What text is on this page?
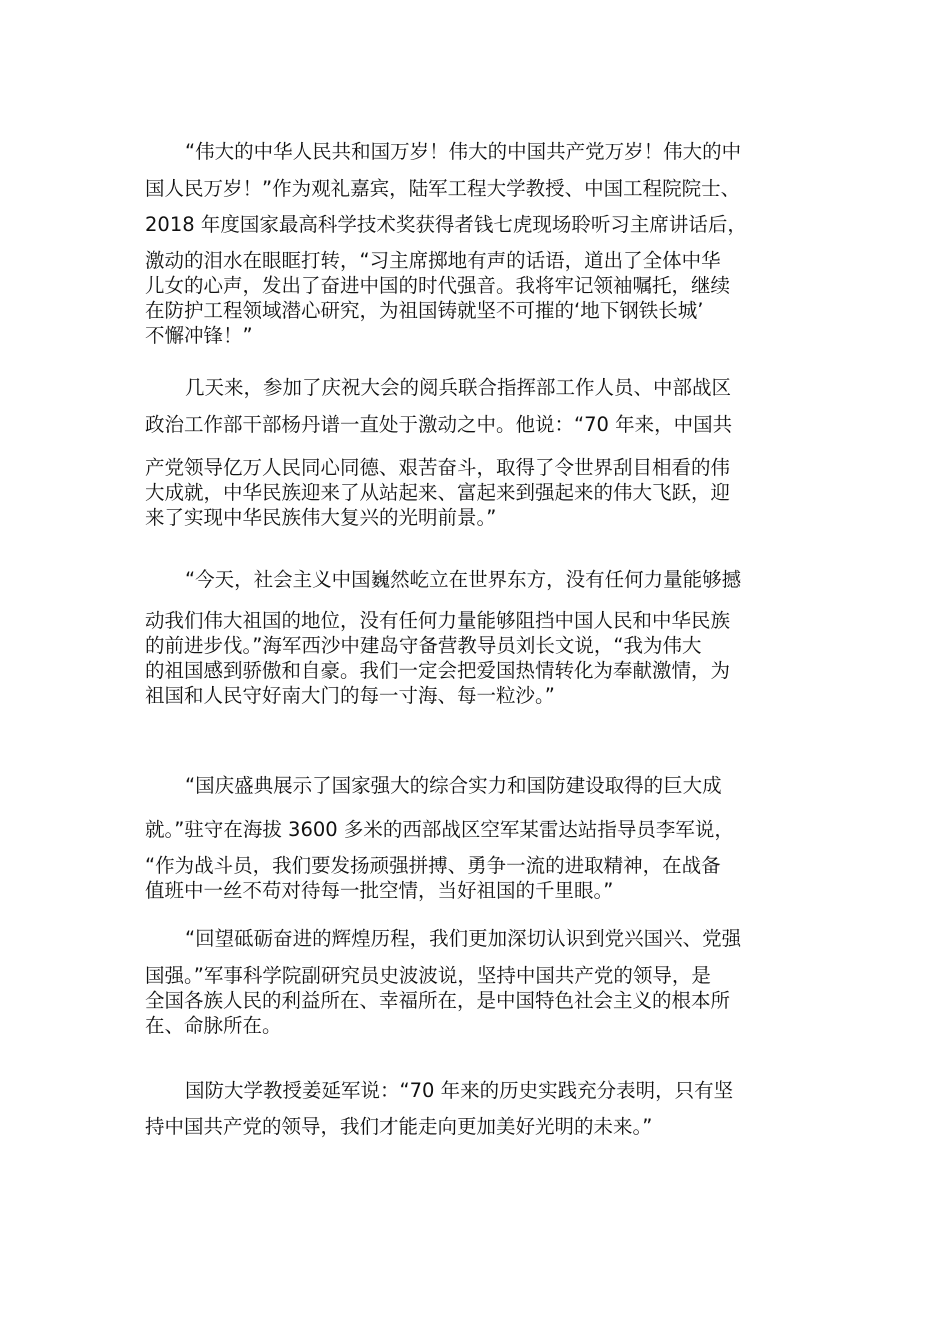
“伟大的中华人民共和国万岁！伟大的中国共产党万岁！伟大的中
国人民万岁！”作为观礼嘉宾，陆军工程大学教授、中国工程院院士、
2018 年度国家最高科学技术奖获得者钱七虎现场聆听习主席讲话后，
激动的泪水在眼眶打转，“习主席掷地有声的话语，道出了全体中华
儿女的心声，发出了奋进中国的时代强音。我将牢记领袖嘱托，继续
在防护工程领域潜心研究，为祖国铸就坚不可摧的‘地下钢铁长城’
不懈冲锋！”
几天来，参加了庆祝大会的阅兵联合指挥部工作人员、中部战区
政治工作部干部杨丹谱一直处于激动之中。他说：“70 年来，中国共
产党领导亿万人民同心同德、艰苦奋斗，取得了令世界刮目相看的伟
大成就，中华民族迎来了从站起来、富起来到强起来的伟大飞跃，迎
来了实现中华民族伟大复兴的光明前景。”
“今天，社会主义中国巍然屹立在世界东方，没有任何力量能够撼
动我们伟大祖国的地位，没有任何力量能够阻挡中国人民和中华民族
的前进步伐。”海军西沙中建岛守备营教导员刘长文说，“我为伟大
的祖国感到骄傲和自豪。我们一定会把爱国热情转化为奉献激情，为
祖国和人民守好南大门的每一寸海、每一粒沙。”
“国庆盛典展示了国家强大的综合实力和国防建设取得的巨大成
就。”驻守在海拔 3600 多米的西部战区空军某雷达站指导员李军说，
“作为战斗员，我们要发扬顽强拼搏、勇争一流的进取精神，在战备
值班中一丝不苟对待每一批空情，当好祖国的千里眼。”
“回望砥砺奋进的辉煌历程，我们更加深切认识到党兴国兴、党强
国强。”军事科学院副研究员史波波说，坚持中国共产党的领导，是
全国各族人民的利益所在、幸福所在，是中国特色社会主义的根本所
在、命脉所在。
国防大学教授姜延军说：“70 年来的历史实践充分表明，只有坚
持中国共产党的领导，我们才能走向更加美好光明的未来。”
